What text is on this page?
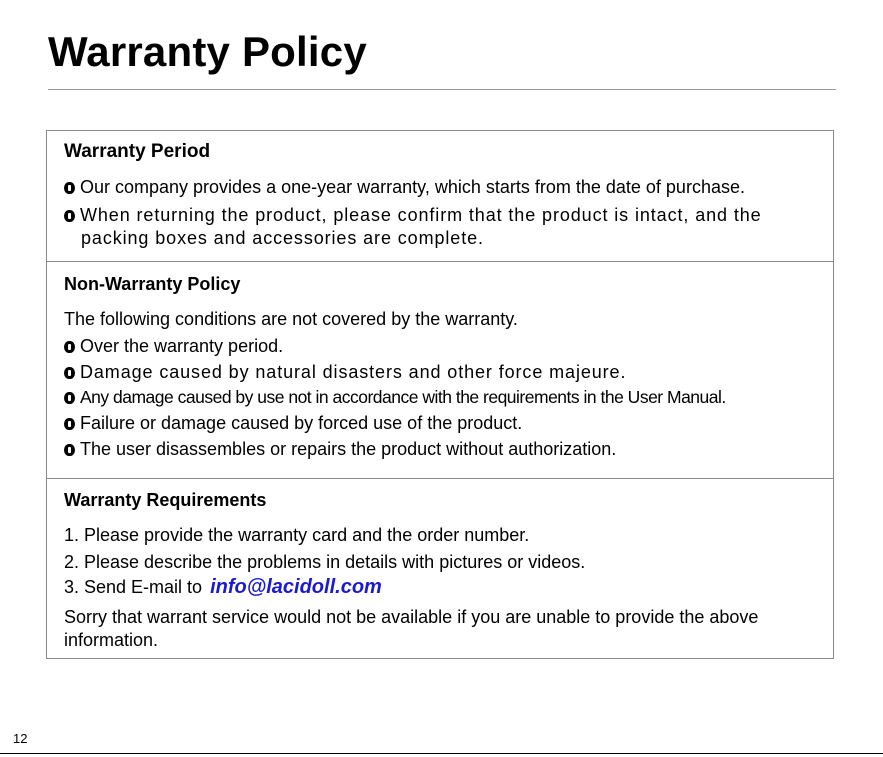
Warranty Policy
Warranty Period
Our company provides a one-year warranty, which starts from the date of purchase.
When returning the product, please confirm that the product is intact, and the
packing boxes and accessories are complete.
Non-Warranty Policy
The following conditions are not covered by the warranty.
Over the warranty period.
Damage caused by natural disasters and other force majeure.
Any damage caused by use not in accordance with the requirements in the User Manual.
Failure or damage caused by forced use of the product.
The user disassembles or repairs the product without authorization.
Warranty Requirements
1. Please provide the warranty card and the order number.
2. Please describe the problems in details with pictures or videos.
3. Send E-mail to info@lacidoll.com
Sorry that warrant service would not be available if you are unable to provide the above
information.
12
